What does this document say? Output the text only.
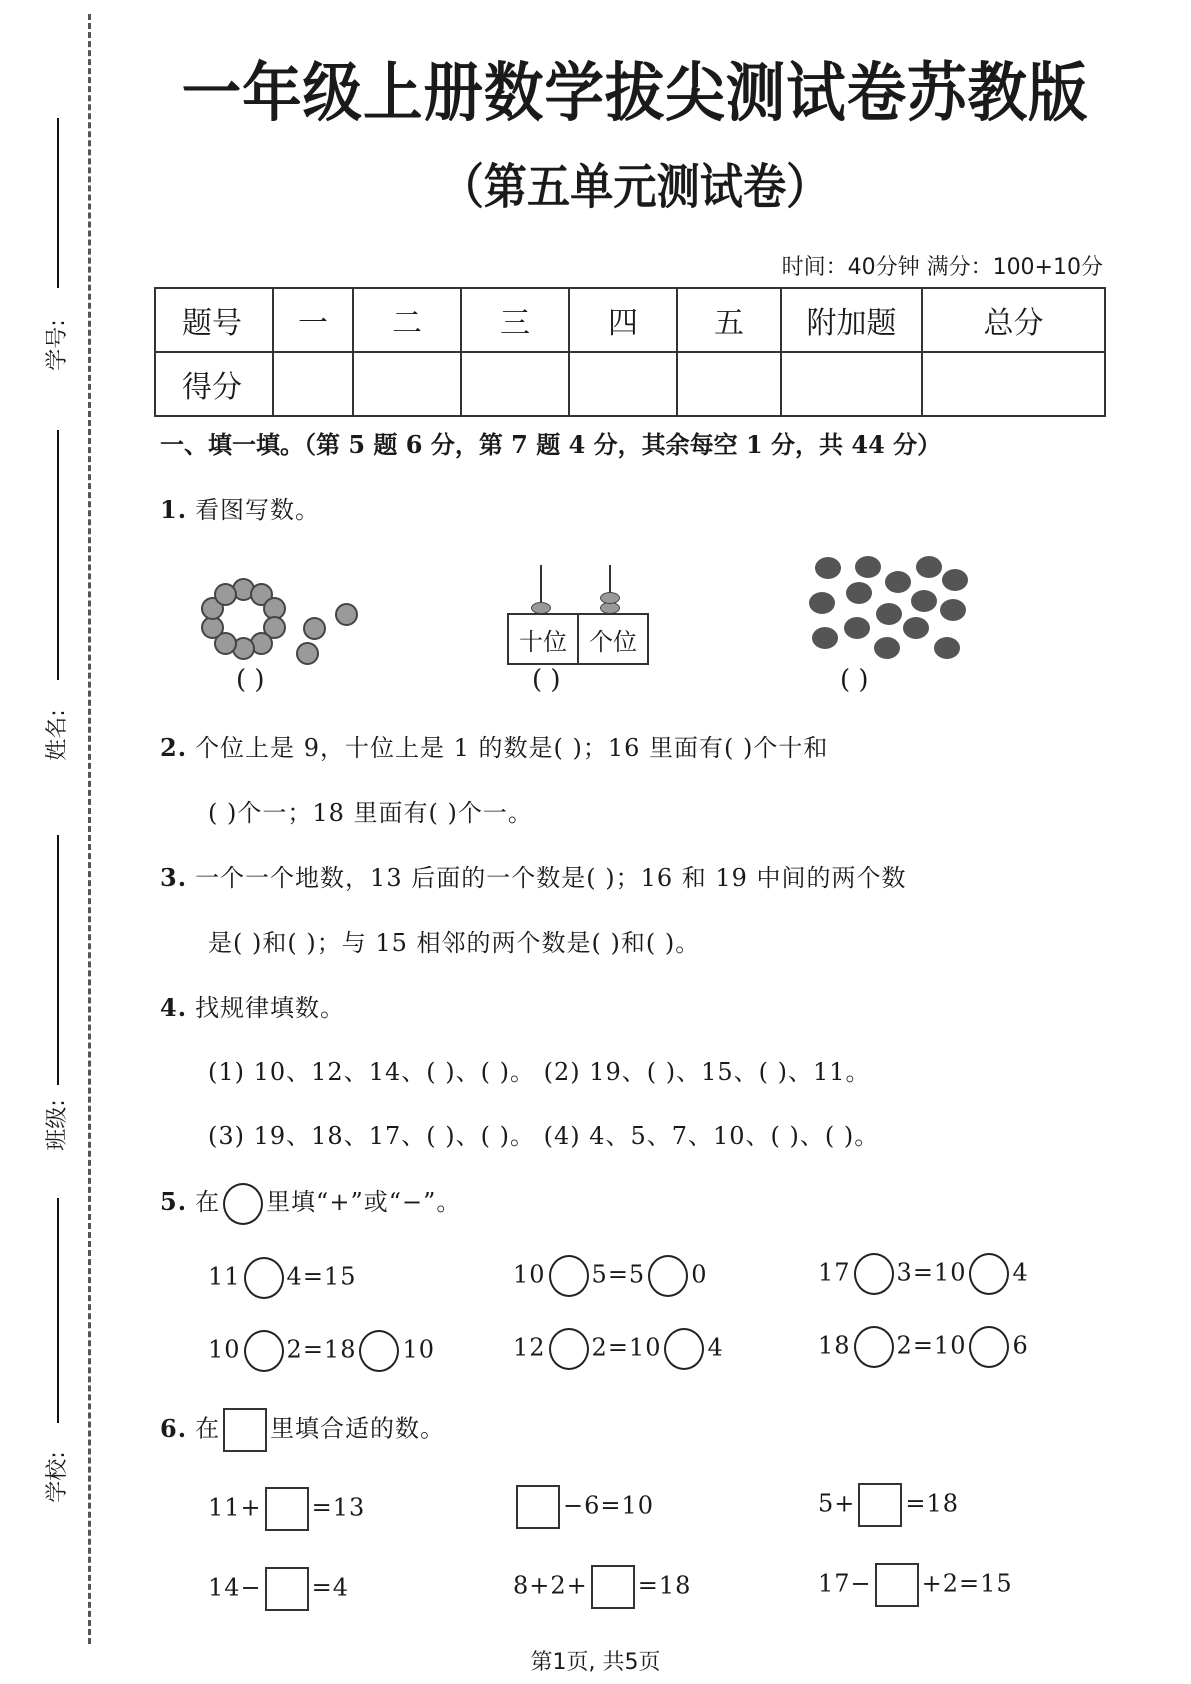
学号:
姓名:
班级:
学校:
一年级上册数学拔尖测试卷苏教版
（第五单元测试卷）
时间：40分钟 满分：100+10分
题号	一	二	三	四	五	附加题	总分
得分							
一、填一填。（第 5 题 6 分，第 7 题 4 分，其余每空 1 分，共 44 分）
1. 看图写数。
( )
十位 个位
( )	( )
2. 个位上是 9，十位上是 1 的数是( )；16 里面有( )个十和
( )个一；18 里面有( )个一。
3. 一个一个地数，13 后面的一个数是( )；16 和 19 中间的两个数
是( )和( )；与 15 相邻的两个数是( )和( )。
4. 找规律填数。
(1) 10、12、14、( )、( )。 (2) 19、( )、15、( )、11。
(3) 19、18、17、( )、( )。 (4) 4、5、7、10、( )、( )。
5. 在 里填“+”或“−”。
11 4=15	10 5=5 0	17 3=10 4
10 2=18 10	12 2=10 4	18 2=10 6
6. 在 里填合适的数。
11+ =13	−6=10	5+ =18
14− =4	8+2+ =18	17− +2=15
第1页, 共5页
